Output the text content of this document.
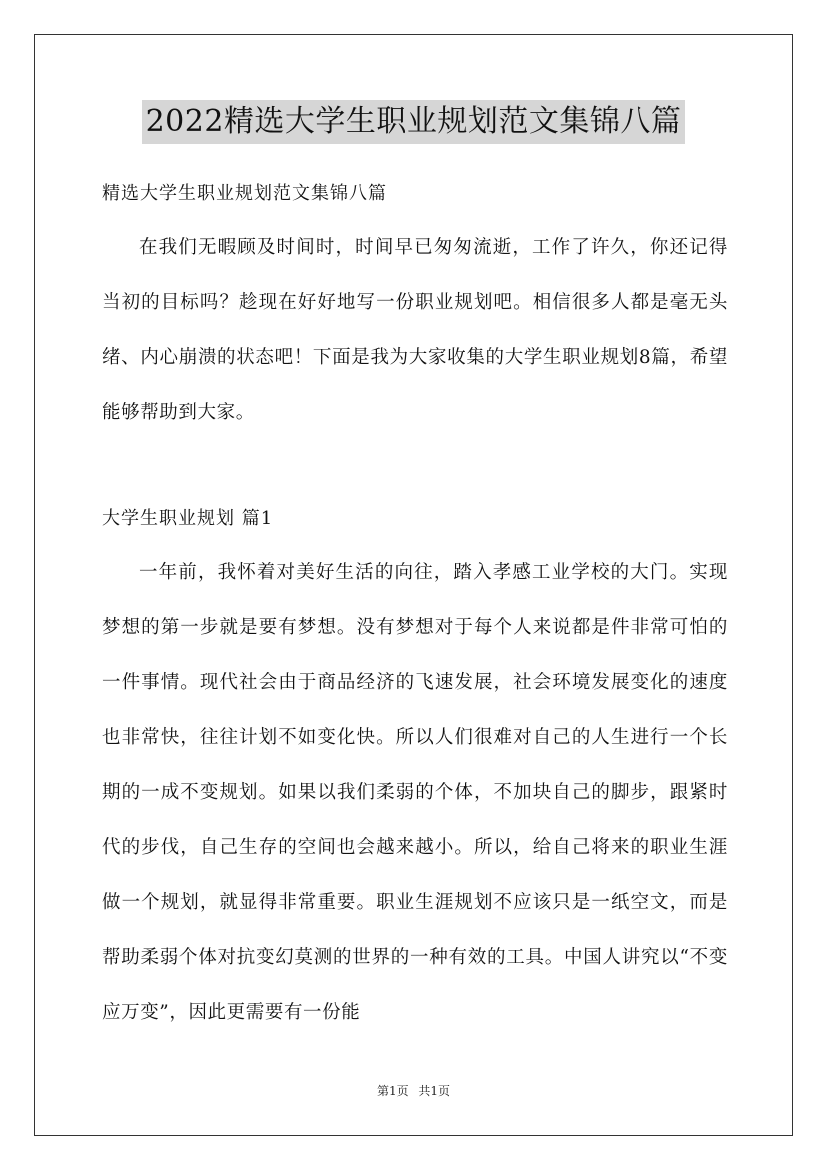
2022精选大学生职业规划范文集锦八篇
精选大学生职业规划范文集锦八篇

在我们无暇顾及时间时，时间早已匆匆流逝，工作了许久，你还记得当初的目标吗？趁现在好好地写一份职业规划吧。相信很多人都是毫无头绪、内心崩溃的状态吧！下面是我为大家收集的大学生职业规划8篇，希望能够帮助到大家。

大学生职业规划 篇1

一年前，我怀着对美好生活的向往，踏入孝感工业学校的大门。实现梦想的第一步就是要有梦想。没有梦想对于每个人来说都是件非常可怕的一件事情。现代社会由于商品经济的飞速发展，社会环境发展变化的速度也非常快，往往计划不如变化快。所以人们很难对自己的人生进行一个长期的一成不变规划。如果以我们柔弱的个体，不加块自己的脚步，跟紧时代的步伐，自己生存的空间也会越来越小。所以，给自己将来的职业生涯做一个规划，就显得非常重要。职业生涯规划不应该只是一纸空文，而是帮助柔弱个体对抗变幻莫测的世界的一种有效的工具。中国人讲究以“不变应万变”，因此更需要有一份能

第1页 共1页
